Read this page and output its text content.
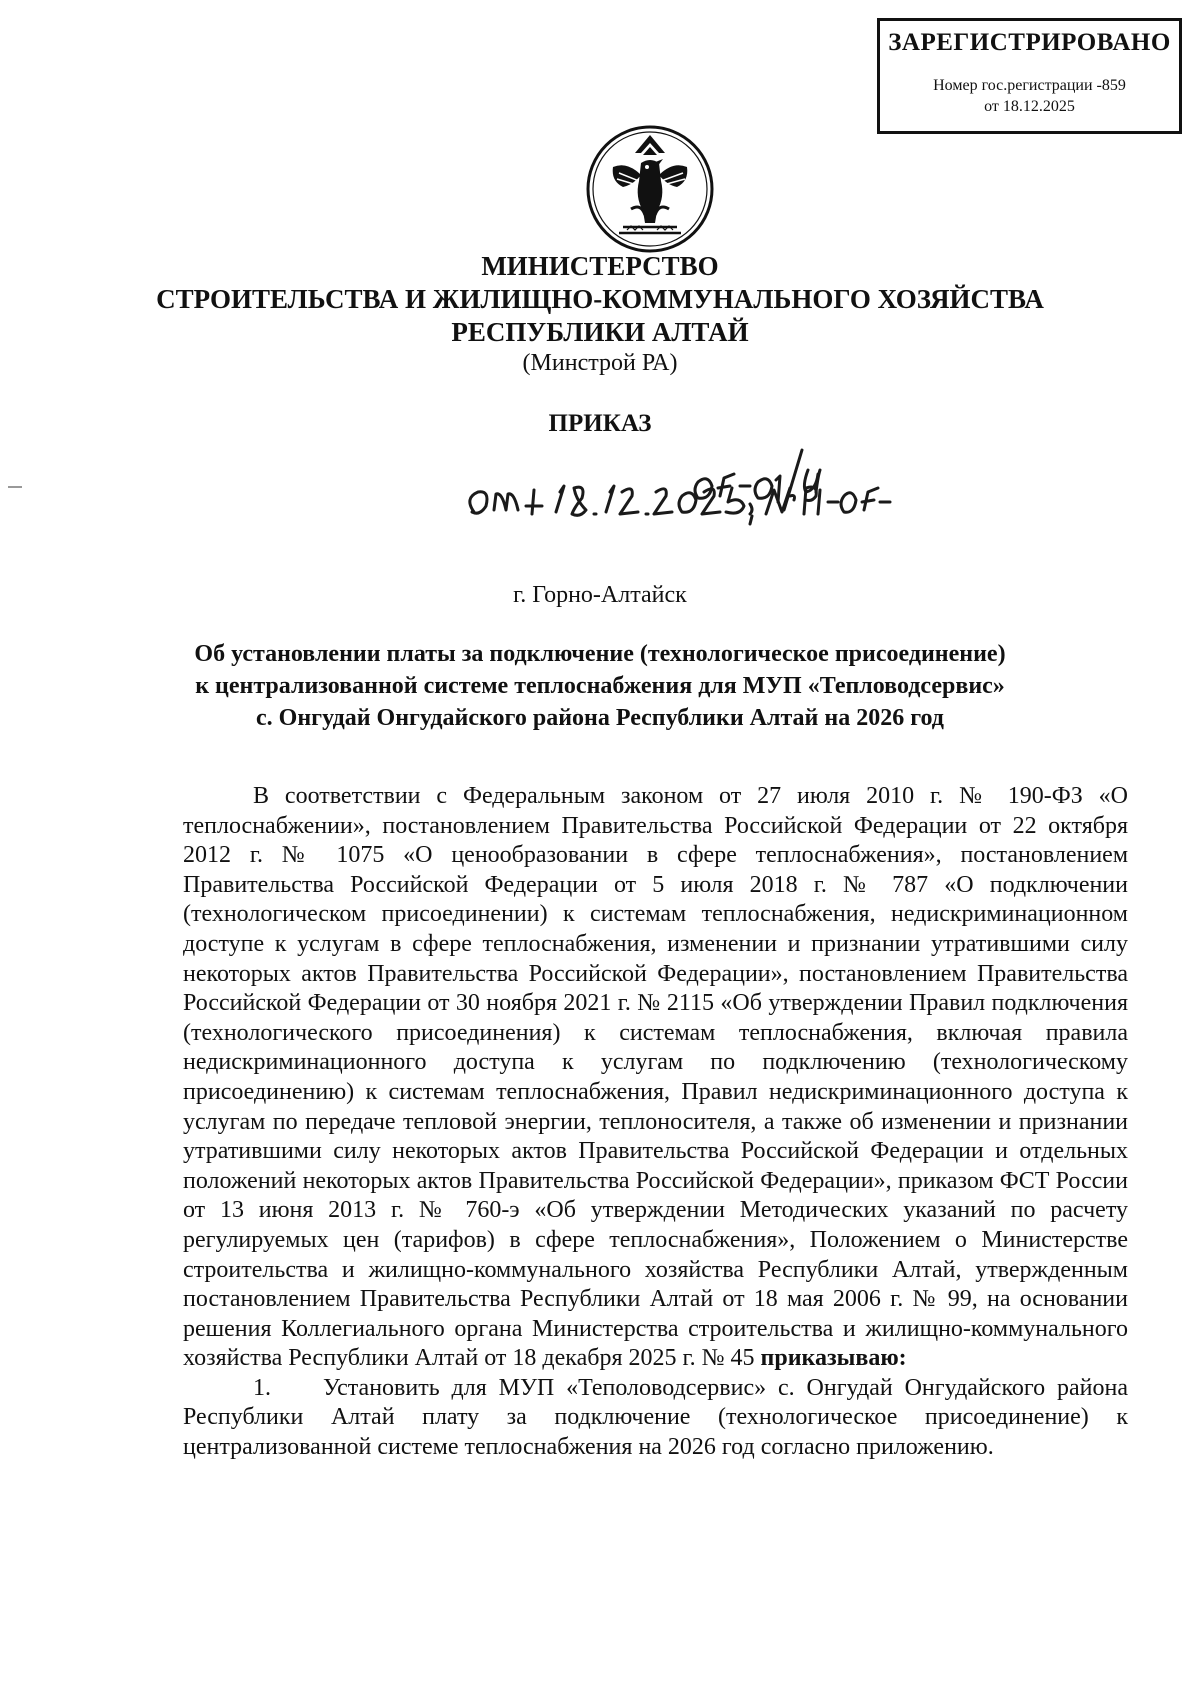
ЗАРЕГИСТРИРОВАНО
Номер гос.регистрации -859
от 18.12.2025
МИНИСТЕРСТВО
СТРОИТЕЛЬСТВА И ЖИЛИЩНО-КОММУНАЛЬНОГО ХОЗЯЙСТВА
РЕСПУБЛИКИ АЛТАЙ
(Минстрой РА)
ПРИКАЗ
г. Горно-Алтайск
Об установлении платы за подключение (технологическое присоединение)
к централизованной системе теплоснабжения для МУП «Тепловодсервис»
с. Онгудай Онгудайского района Республики Алтай на 2026 год

В соответствии с Федеральным законом от 27 июля 2010 г. № 190-ФЗ «О теплоснабжении», постановлением Правительства Российской Федерации от 22 октября 2012 г. № 1075 «О ценообразовании в сфере теплоснабжения», постановлением Правительства Российской Федерации от 5 июля 2018 г. № 787 «О подключении (технологическом присоединении) к системам теплоснабжения, недискриминационном доступе к услугам в сфере теплоснабжения, изменении и признании утратившими силу некоторых актов Правительства Российской Федерации», постановлением Правительства Российской Федерации от 30 ноября 2021 г. № 2115 «Об утверждении Правил подключения (технологического присоединения) к системам теплоснабжения, включая правила недискриминационного доступа к услугам по подключению (технологическому присоединению) к системам теплоснабжения, Правил недискриминационного доступа к услугам по передаче тепловой энергии, теплоносителя, а также об изменении и признании утратившими силу некоторых актов Правительства Российской Федерации и отдельных положений некоторых актов Правительства Российской Федерации», приказом ФСТ России от 13 июня 2013 г. № 760-э «Об утверждении Методических указаний по расчету регулируемых цен (тарифов) в сфере теплоснабжения», Положением о Министерстве строительства и жилищно-коммунального хозяйства Республики Алтай, утвержденным постановлением Правительства Республики Алтай от 18 мая 2006 г. № 99, на основании решения Коллегиального органа Министерства строительства и жилищно-коммунального хозяйства Республики Алтай от 18 декабря 2025 г. № 45 приказываю:

1. Установить для МУП «Теполоводсервис» с. Онгудай Онгудайского района Республики Алтай плату за подключение (технологическое присоединение) к централизованной системе теплоснабжения на 2026 год согласно приложению.
